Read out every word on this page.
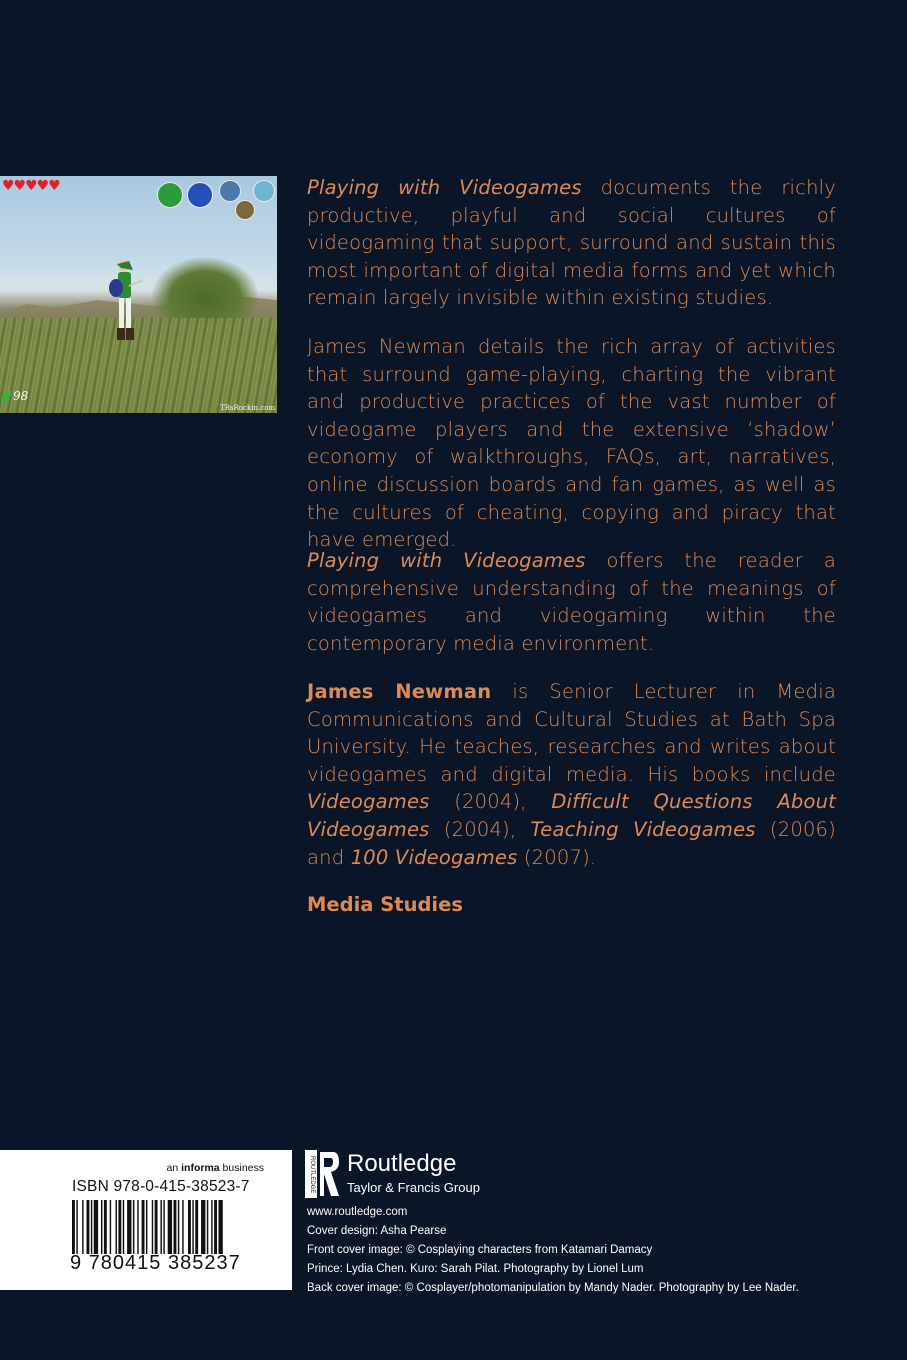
♥♥♥♥♥
98
TRsRockin.com

Playing with Videogames documents the richly productive, playful and social cultures of videogaming that support, surround and sustain this most important of digital media forms and yet which remain largely invisible within existing studies.

James Newman details the rich array of activities that surround game-playing, charting the vibrant and productive practices of the vast number of videogame players and the extensive ‘shadow’ economy of walkthroughs, FAQs, art, narratives, online discussion boards and fan games, as well as the cultures of cheating, copying and piracy that have emerged.

Playing with Videogames offers the reader a comprehensive understanding of the meanings of videogames and videogaming within the contemporary media environment.

James Newman is Senior Lecturer in Media Communications and Cultural Studies at Bath Spa University. He teaches, researches and writes about videogames and digital media. His books include Videogames (2004), Difficult Questions About Videogames (2004), Teaching Videogames (2006) and 100 Videogames (2007).

Media Studies
an informa business
ISBN 978-0-415-38523-7
9 780415 385237
ROUTLEDGE Routledge
Taylor & Francis Group
www.routledge.com
Cover design: Asha Pearse
Front cover image: © Cosplaying characters from Katamari Damacy
Prince: Lydia Chen. Kuro: Sarah Pilat. Photography by Lionel Lum
Back cover image: © Cosplayer/photomanipulation by Mandy Nader. Photography by Lee Nader.
